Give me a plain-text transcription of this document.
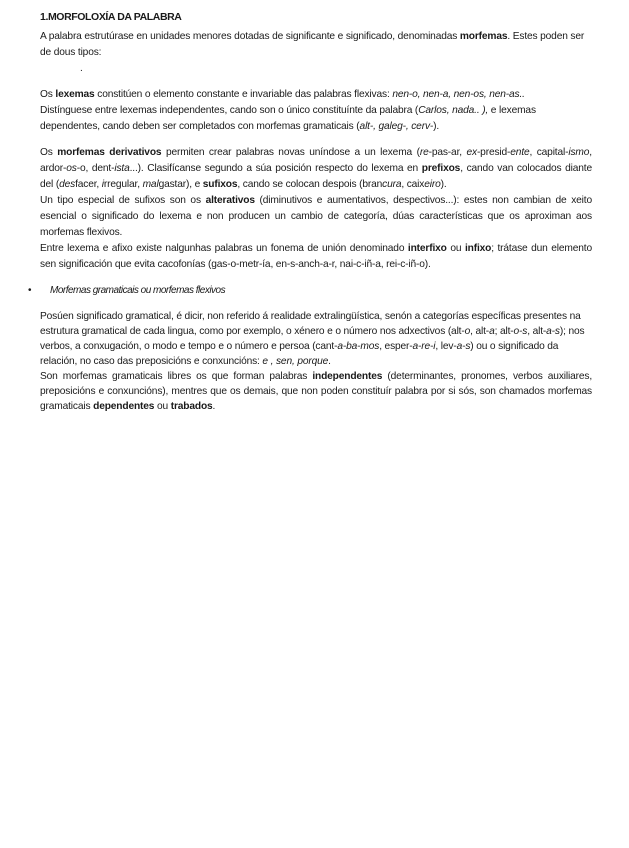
1.MORFOLOXÍA DA PALABRA

A palabra estrutúrase en unidades menores dotadas de significante e significado, denominadas morfemas. Estes poden ser de dous tipos:

.

Os lexemas constitúen o elemento constante e invariable das palabras flexivas: nen-o, nen-a, nen-os, nen-as..
Distínguese entre lexemas independentes, cando son o único constituínte da palabra (Carlos, nada.. ), e lexemas dependentes, cando deben ser completados con morfemas gramaticais (alt-, galeg-, cerv-).

Os morfemas derivativos permiten crear palabras novas uníndose a un lexema (re-pas-ar, ex-presid-ente, capital-ismo, ardor-os-o, dent-ista...). Clasifícanse segundo a súa posición respecto do lexema en prefixos, cando van colocados diante del (desfacer, irregular, malgastar), e sufixos, cando se colocan despois (brancura, caixeiro).

Un tipo especial de sufixos son os alterativos (diminutivos e aumentativos, despectivos...): estes non cambian de xeito esencial o significado do lexema e non producen un cambio de categoría, dúas características que os aproximan aos morfemas flexivos.

Entre lexema e afixo existe nalgunhas palabras un fonema de unión denominado interfixo ou infixo; trátase dun elemento sen significación que evita cacofonías (gas-o-metr-ía, en-s-anch-a-r, nai-c-iñ-a, rei-c-iñ-o).

• Morfemas gramaticais ou morfemas flexivos

Posúen significado gramatical, é dicir, non referido á realidade extralingüística, senón a categorías específicas presentes na estrutura gramatical de cada lingua, como por exemplo, o xénero e o número nos adxectivos (alt-o, alt-a; alt-o-s, alt-a-s); nos verbos, a conxugación, o modo e tempo e o número e persoa (cant-a-ba-mos, esper-a-re-i, lev-a-s) ou o significado da relación, no caso das preposicións e conxuncións: e , sen, porque.

Son morfemas gramaticais libres os que forman palabras independentes (determinantes, pronomes, verbos auxiliares, preposicións e conxuncións), mentres que os demais, que non poden constituír palabra por si sós, son chamados morfemas gramaticais dependentes ou trabados.
